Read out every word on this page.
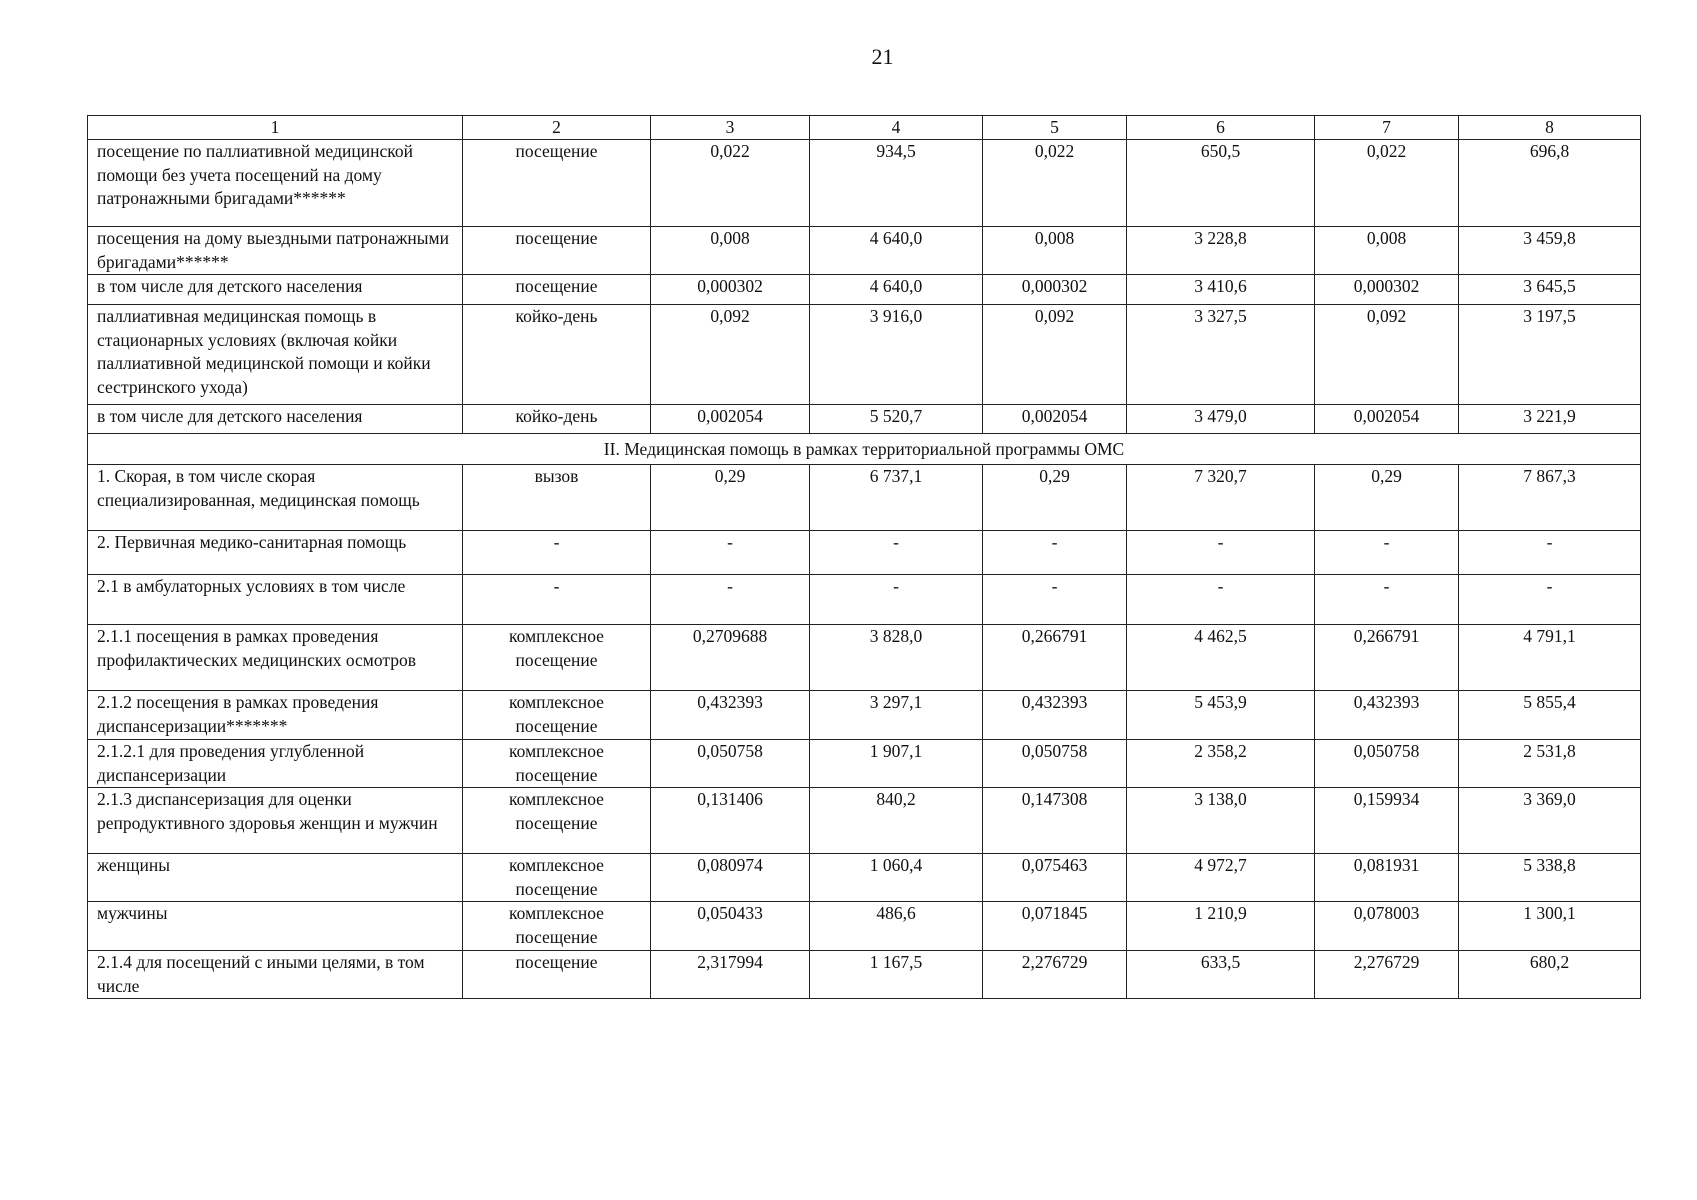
21
1	2	3	4	5	6	7	8
посещение по паллиативной медицинской помощи без учета посещений на дому патронажными бригадами******	посещение	0,022	934,5	0,022	650,5	0,022	696,8
посещения на дому выездными патронажными бригадами******	посещение	0,008	4 640,0	0,008	3 228,8	0,008	3 459,8
в том числе для детского населения	посещение	0,000302	4 640,0	0,000302	3 410,6	0,000302	3 645,5
паллиативная медицинская помощь в стационарных условиях (включая койки паллиативной медицинской помощи и койки сестринского ухода)	койко-день	0,092	3 916,0	0,092	3 327,5	0,092	3 197,5
в том числе для детского населения	койко-день	0,002054	5 520,7	0,002054	3 479,0	0,002054	3 221,9
II. Медицинская помощь в рамках территориальной программы ОМС							
1. Скорая, в том числе скорая специализированная, медицинская помощь	вызов	0,29	6 737,1	0,29	7 320,7	0,29	7 867,3
2. Первичная медико-санитарная помощь	-	-	-	-	-	-	-
2.1 в амбулаторных условиях в том числе	-	-	-	-	-	-	-
2.1.1 посещения в рамках проведения профилактических медицинских осмотров	комплексное посещение	0,2709688	3 828,0	0,266791	4 462,5	0,266791	4 791,1
2.1.2 посещения в рамках проведения диспансеризации*******	комплексное посещение	0,432393	3 297,1	0,432393	5 453,9	0,432393	5 855,4
2.1.2.1 для проведения углубленной диспансеризации	комплексное посещение	0,050758	1 907,1	0,050758	2 358,2	0,050758	2 531,8
2.1.3 диспансеризация для оценки репродуктивного здоровья женщин и мужчин	комплексное посещение	0,131406	840,2	0,147308	3 138,0	0,159934	3 369,0
женщины	комплексное посещение	0,080974	1 060,4	0,075463	4 972,7	0,081931	5 338,8
мужчины	комплексное посещение	0,050433	486,6	0,071845	1 210,9	0,078003	1 300,1
2.1.4 для посещений с иными целями, в том числе	посещение	2,317994	1 167,5	2,276729	633,5	2,276729	680,2
